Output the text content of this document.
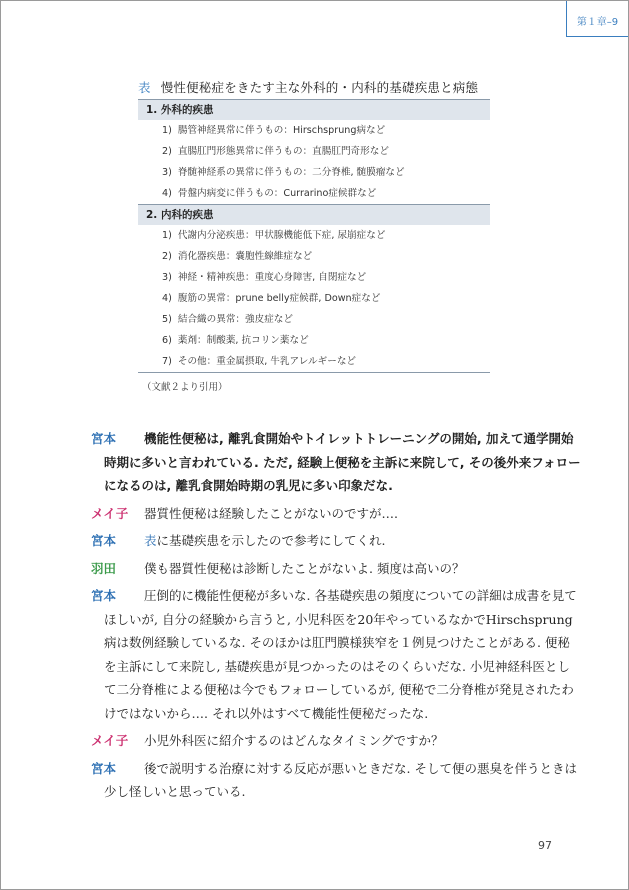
第１章–9
表 慢性便秘症をきたす主な外科的・内科的基礎疾患と病態
1. 外科的疾患
1) 腸管神経異常に伴うもの：Hirschsprung病など
2) 直腸肛門形態異常に伴うもの：直腸肛門奇形など
3) 脊髄神経系の異常に伴うもの：二分脊椎, 髄膜瘤など
4) 骨盤内病変に伴うもの：Currarino症候群など
2. 内科的疾患
1) 代謝内分泌疾患：甲状腺機能低下症, 尿崩症など
2) 消化器疾患：嚢胞性線維症など
3) 神経・精神疾患：重度心身障害, 自閉症など
4) 腹筋の異常：prune belly症候群, Down症など
5) 結合織の異常：強皮症など
6) 薬剤：制酸薬, 抗コリン薬など
7) その他：重金属摂取, 牛乳アレルギーなど
（文献２より引用）
宮本	機能性便秘は, 離乳食開始やトイレットトレーニングの開始, 加えて通学開始時期に多いと言われている. ただ, 経験上便秘を主訴に来院して, その後外来フォローになるのは, 離乳食開始時期の乳児に多い印象だな.
メイ子	器質性便秘は経験したことがないのですが….
宮本	表に基礎疾患を示したので参考にしてくれ.
羽田	僕も器質性便秘は診断したことがないよ. 頻度は高いの？
宮本	圧倒的に機能性便秘が多いな. 各基礎疾患の頻度についての詳細は成書を見てほしいが, 自分の経験から言うと, 小児科医を20年やっているなかでHirschsprung病は数例経験しているな. そのほかは肛門膜様狭窄を１例見つけたことがある. 便秘を主訴にして来院し, 基礎疾患が見つかったのはそのくらいだな. 小児神経科医として二分脊椎による便秘は今でもフォローしているが, 便秘で二分脊椎が発見されたわけではないから…. それ以外はすべて機能性便秘だったな.
メイ子	小児外科医に紹介するのはどんなタイミングですか？
宮本	後で説明する治療に対する反応が悪いときだな. そして便の悪臭を伴うときは少し怪しいと思っている.
97
